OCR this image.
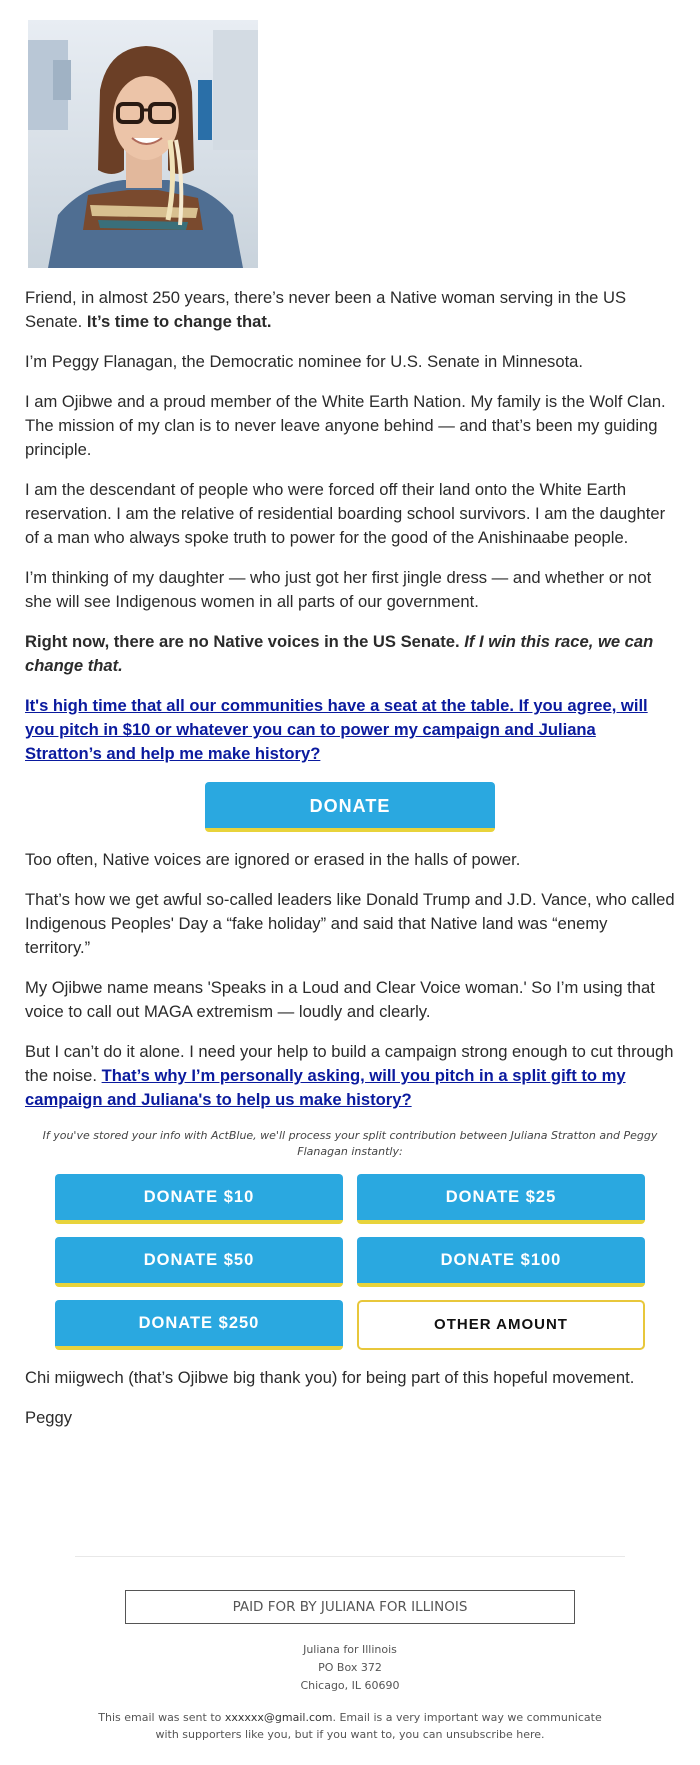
Friend, in almost 250 years, there’s never been a Native woman serving in the US Senate. It’s time to change that.

I’m Peggy Flanagan, the Democratic nominee for U.S. Senate in Minnesota.

I am Ojibwe and a proud member of the White Earth Nation. My family is the Wolf Clan. The mission of my clan is to never leave anyone behind — and that’s been my guiding principle.

I am the descendant of people who were forced off their land onto the White Earth reservation. I am the relative of residential boarding school survivors. I am the daughter of a man who always spoke truth to power for the good of the Anishinaabe people.

I’m thinking of my daughter — who just got her first jingle dress — and whether or not she will see Indigenous women in all parts of our government.

Right now, there are no Native voices in the US Senate. If I win this race, we can change that.

It's high time that all our communities have a seat at the table. If you agree, will you pitch in $10 or whatever you can to power my campaign and Juliana Stratton’s and help me make history?

DONATE

Too often, Native voices are ignored or erased in the halls of power.

That’s how we get awful so-called leaders like Donald Trump and J.D. Vance, who called Indigenous Peoples' Day a “fake holiday” and said that Native land was “enemy territory.”

My Ojibwe name means 'Speaks in a Loud and Clear Voice woman.' So I’m using that voice to call out MAGA extremism — loudly and clearly.

But I can’t do it alone. I need your help to build a campaign strong enough to cut through the noise. That’s why I’m personally asking, will you pitch in a split gift to my campaign and Juliana's to help us make history?

If you've stored your info with ActBlue, we'll process your split contribution between Juliana Stratton and Peggy Flanagan instantly:
DONATE $10	DONATE $25
DONATE $50	DONATE $100
DONATE $250	OTHER AMOUNT

Chi miigwech (that’s Ojibwe big thank you) for being part of this hopeful movement.

Peggy

PAID FOR BY JULIANA FOR ILLINOIS
Juliana for Illinois
PO Box 372
Chicago, IL 60690
This email was sent to xxxxxx@gmail.com. Email is a very important way we communicate with supporters like you, but if you want to, you can unsubscribe here.
